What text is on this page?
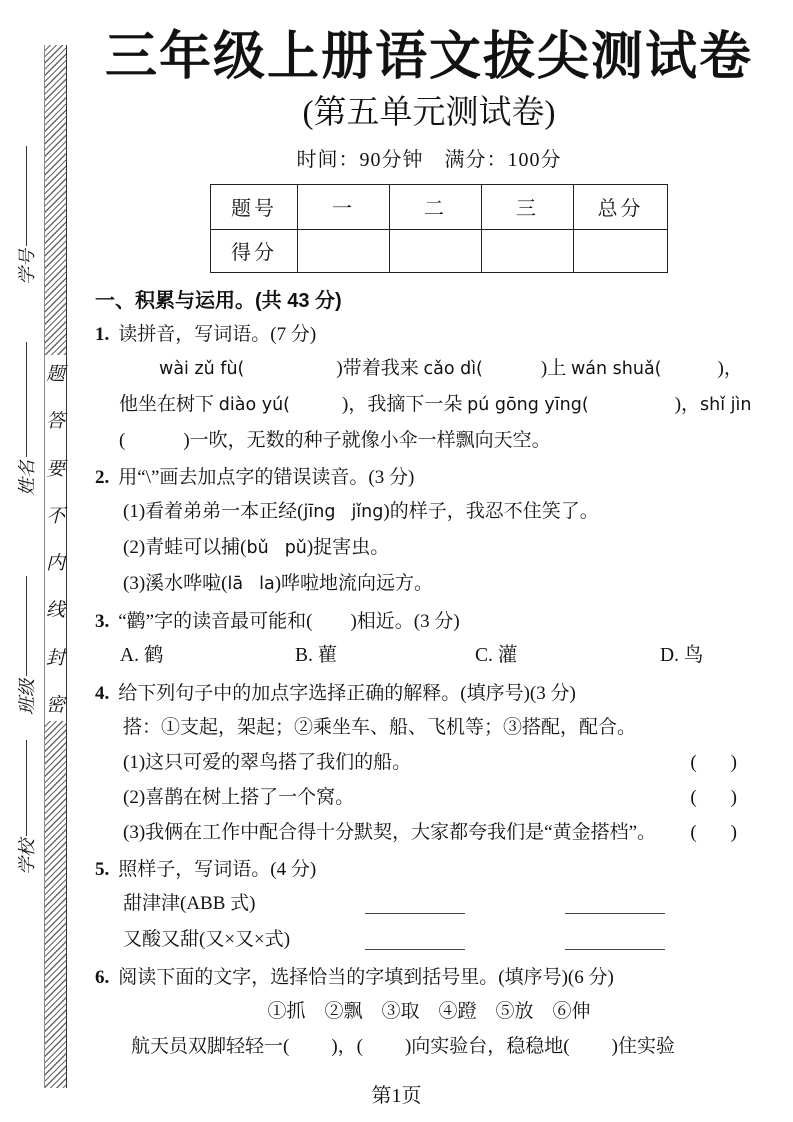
学号
姓名
班级
学校
题
答
要
不
内
线
封
密
三年级上册语文拔尖测试卷
(第五单元测试卷)
时间：90分钟　满分：100分
题号	一	二	三	总分
得分				
一、积累与运用。(共 43 分)
1. 读拼音，写词语。(7 分)
wài zǔ fù(	)带着我来 cǎo dì(	)上 wán shuǎ(	)，
他坐在树下 diào yú(	)，我摘下一朵 pú gōng yīng(	)，shǐ jìn
(	)一吹，无数的种子就像小伞一样飘向天空。
2. 用“\”画去加点字的错误读音。(3 分)
(1)看着弟弟一本正经 ·(jīng jǐng)的样子，我忍不住笑了。
(2)青蛙可以捕 ·(bǔ pǔ)捉害虫。
(3)溪水哗啦 ·(lā la)哗啦地流向远方。
3. “鹳”字的读音最可能和( )相近。(3 分)
A. 鹤	B. 雚	C. 灌	D. 鸟
4. 给下列句子中的加点字选择正确的解释。(填序号)(3 分)
搭：①支起，架起；②乘坐车、船、飞机等；③搭配，配合。
(1)这只可爱的翠鸟搭 ·了我们的船。	( )
(2)喜鹊在树上搭 ·了一个窝。	( )
(3)我俩在工作中配合得十分默契，大家都夸我们是“黄金搭 ·档”。 ( )
5. 照样子，写词语。(4 分)
甜津津(ABB 式)
又酸又甜(又×又×式)
6. 阅读下面的文字，选择恰当的字填到括号里。(填序号)(6 分)
①抓　②飘　③取　④蹬　⑤放　⑥伸
航天员双脚轻轻一( )，( )向实验台，稳稳地( )住实验
第1页
